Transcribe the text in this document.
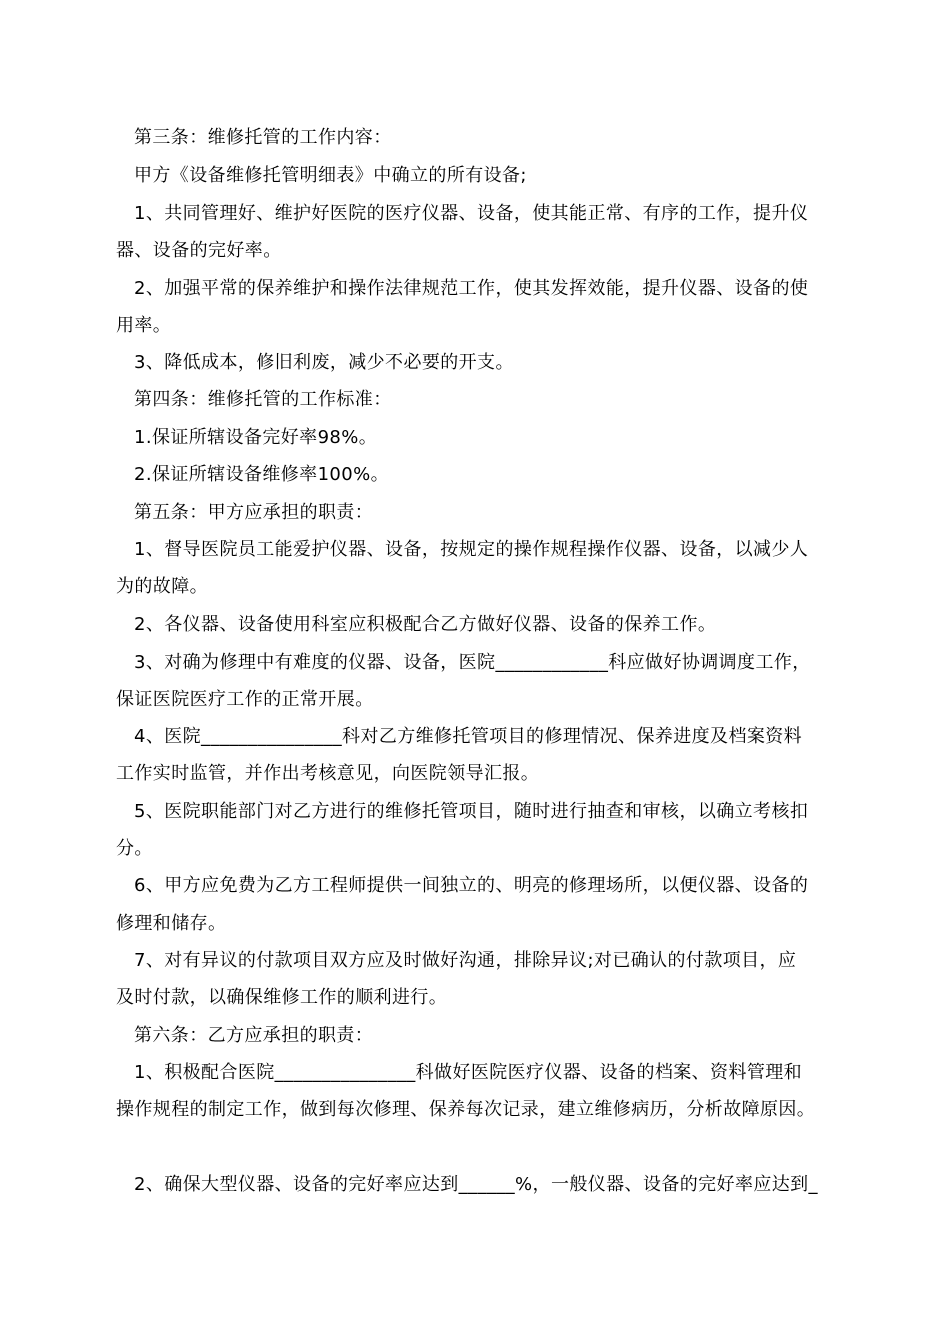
第三条：维修托管的工作内容：
甲方《设备维修托管明细表》中确立的所有设备;
1、共同管理好、维护好医院的医疗仪器、设备，使其能正常、有序的工作，提升仪
器、设备的完好率。
2、加强平常的保养维护和操作法律规范工作，使其发挥效能，提升仪器、设备的使
用率。
3、降低成本，修旧利废，减少不必要的开支。
第四条：维修托管的工作标准：
1.保证所辖设备完好率98%。
2.保证所辖设备维修率100%。
第五条：甲方应承担的职责：
1、督导医院员工能爱护仪器、设备，按规定的操作规程操作仪器、设备，以减少人
为的故障。
2、各仪器、设备使用科室应积极配合乙方做好仪器、设备的保养工作。
3、对确为修理中有难度的仪器、设备，医院____________科应做好协调调度工作，
保证医院医疗工作的正常开展。
4、医院_______________科对乙方维修托管项目的修理情况、保养进度及档案资料
工作实时监管，并作出考核意见，向医院领导汇报。
5、医院职能部门对乙方进行的维修托管项目，随时进行抽查和审核，以确立考核扣
分。
6、甲方应免费为乙方工程师提供一间独立的、明亮的修理场所，以便仪器、设备的
修理和储存。
7、对有异议的付款项目双方应及时做好沟通，排除异议;对已确认的付款项目，应
及时付款，以确保维修工作的顺利进行。
第六条：乙方应承担的职责：
1、积极配合医院_______________科做好医院医疗仪器、设备的档案、资料管理和
操作规程的制定工作，做到每次修理、保养每次记录，建立维修病历，分析故障原因。
2、确保大型仪器、设备的完好率应达到______%，一般仪器、设备的完好率应达到_
